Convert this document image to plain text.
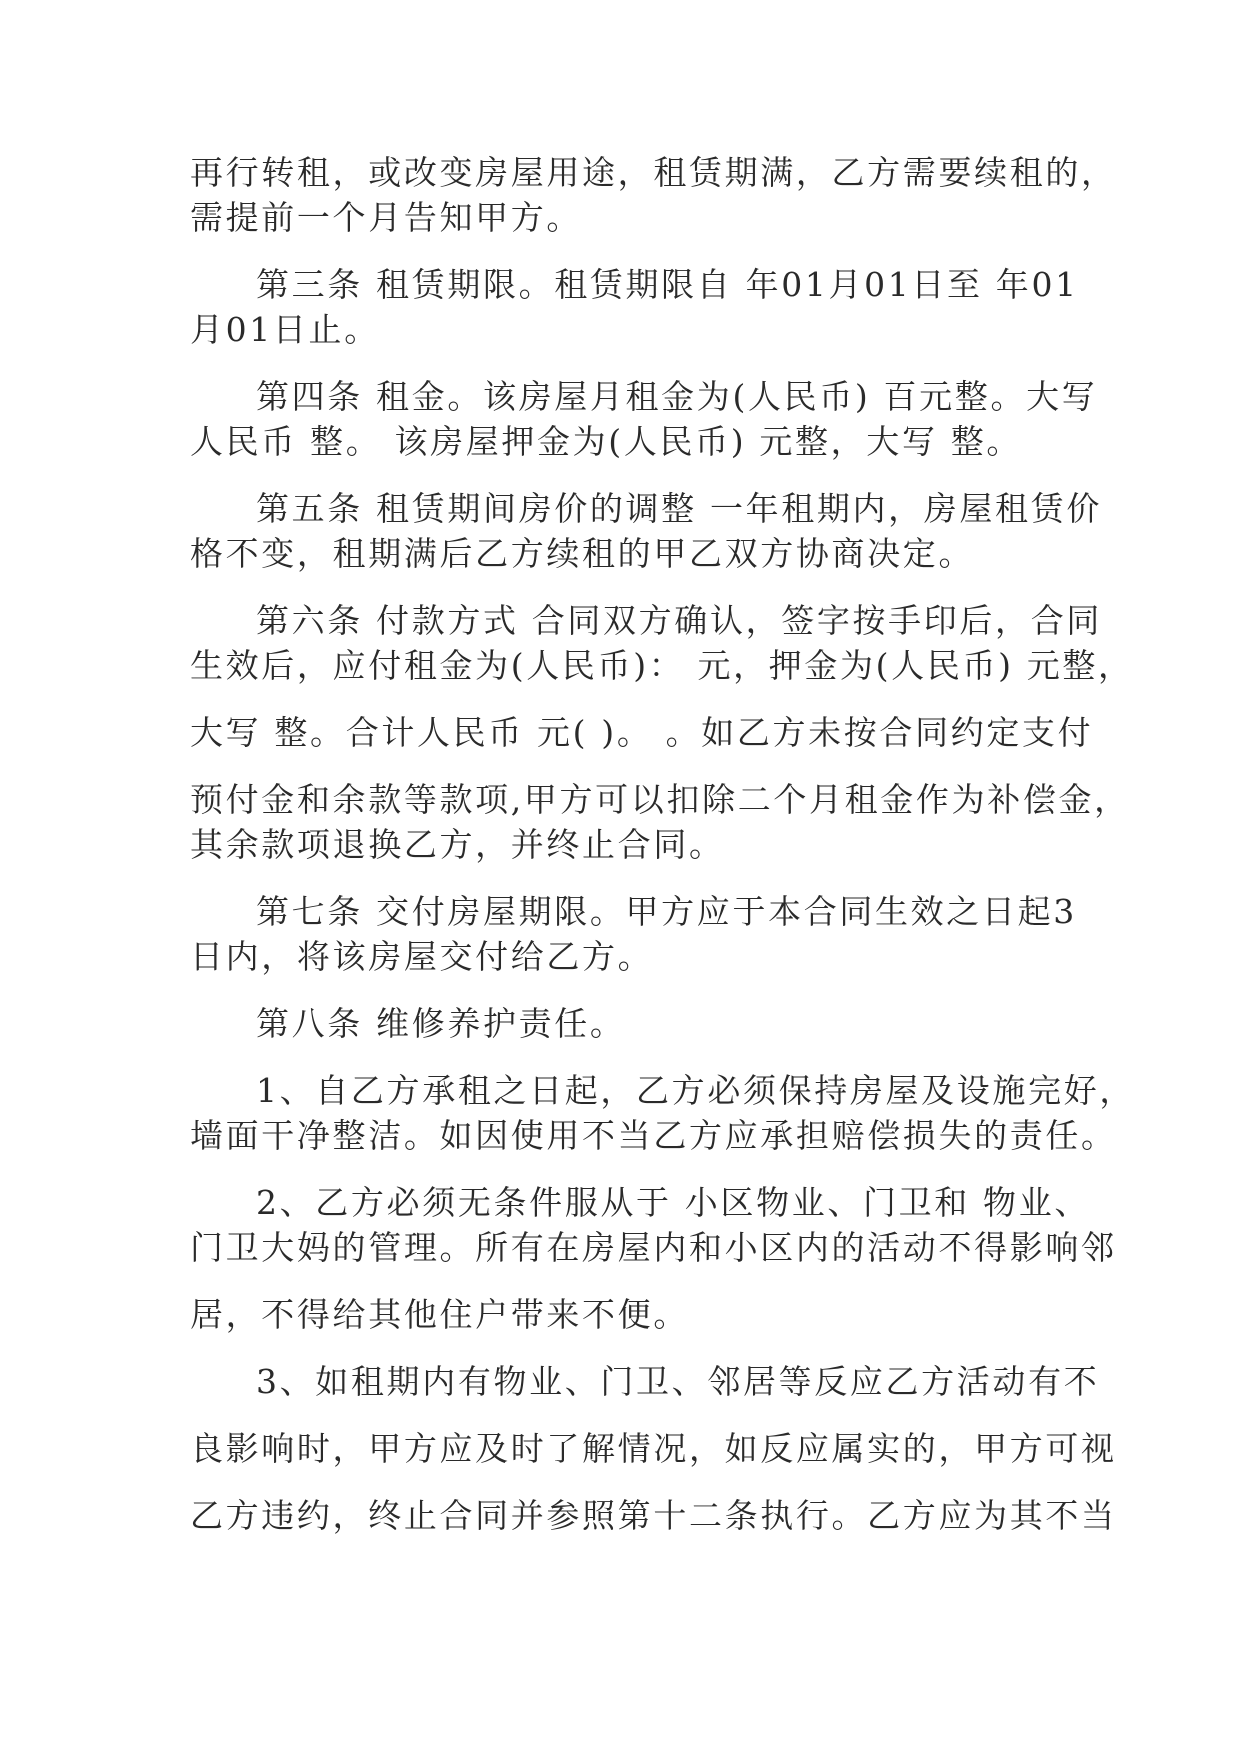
再行转租，或改变房屋用途，租赁期满，乙方需要续租的，
需提前一个月告知甲方。
第三条 租赁期限。租赁期限自 年01月01日至 年01
月01日止。
第四条 租金。该房屋月租金为(人民币) 百元整。大写
人民币 整。 该房屋押金为(人民币) 元整，大写 整。
第五条 租赁期间房价的调整 一年租期内，房屋租赁价
格不变，租期满后乙方续租的甲乙双方协商决定。
第六条 付款方式 合同双方确认，签字按手印后，合同
生效后，应付租金为(人民币)： 元，押金为(人民币) 元整，
大写 整。合计人民币 元( )。 。如乙方未按合同约定支付
预付金和余款等款项,甲方可以扣除二个月租金作为补偿金，
其余款项退换乙方，并终止合同。
第七条 交付房屋期限。甲方应于本合同生效之日起3
日内，将该房屋交付给乙方。
第八条 维修养护责任。
1、自乙方承租之日起，乙方必须保持房屋及设施完好，
墙面干净整洁。如因使用不当乙方应承担赔偿损失的责任。
2、乙方必须无条件服从于 小区物业、门卫和 物业、
门卫大妈的管理。所有在房屋内和小区内的活动不得影响邻
居，不得给其他住户带来不便。
3、如租期内有物业、门卫、邻居等反应乙方活动有不
良影响时，甲方应及时了解情况，如反应属实的，甲方可视
乙方违约，终止合同并参照第十二条执行。乙方应为其不当
